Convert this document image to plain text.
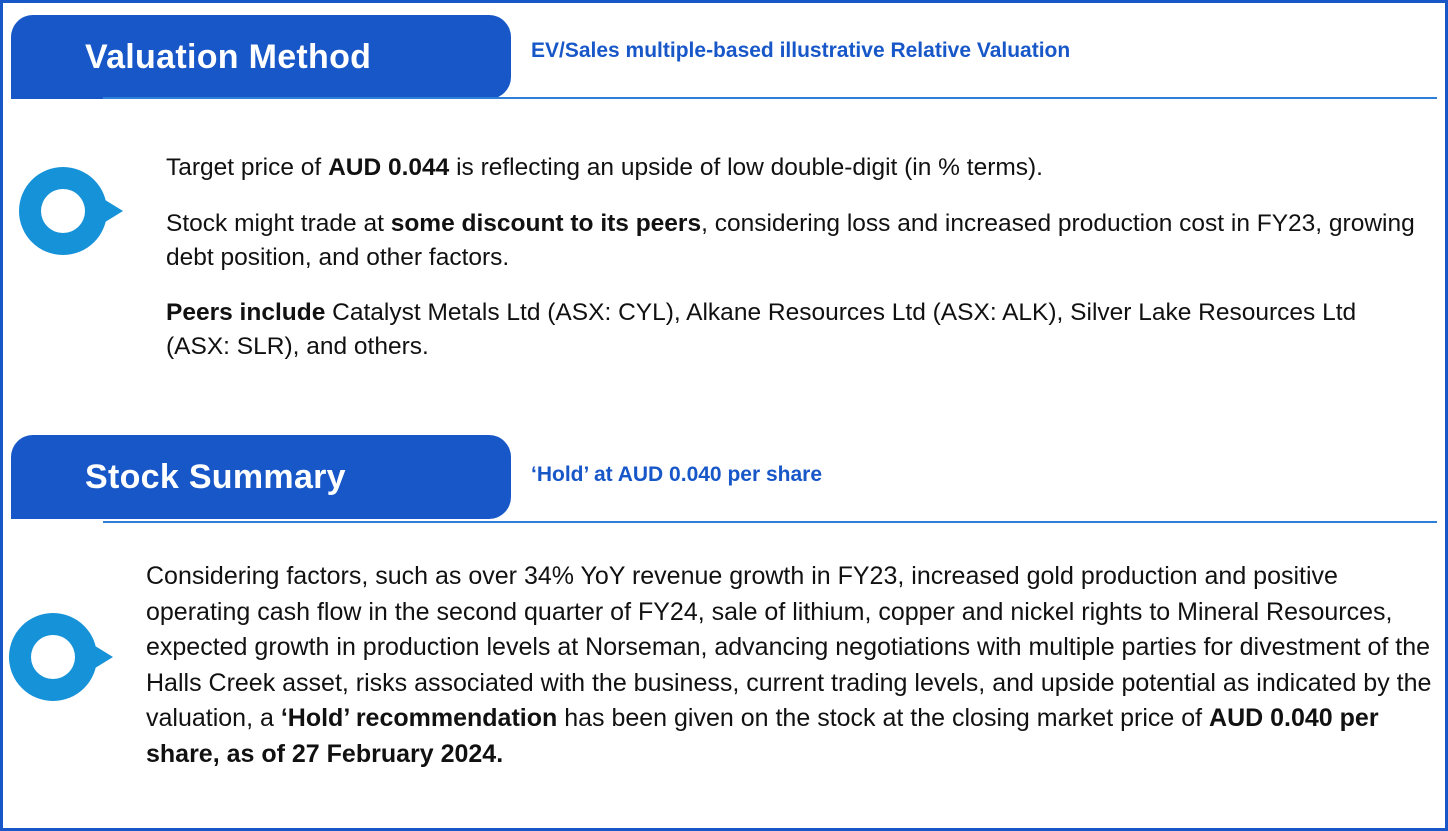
Valuation Method	EV/Sales multiple-based illustrative Relative Valuation

Target price of AUD 0.044 is reflecting an upside of low double-digit (in % terms).

Stock might trade at some discount to its peers, considering loss and increased production cost in FY23, growing debt position, and other factors.

Peers include Catalyst Metals Ltd (ASX: CYL), Alkane Resources Ltd (ASX: ALK), Silver Lake Resources Ltd (ASX: SLR), and others.

Stock Summary	‘Hold’ at AUD 0.040 per share

Considering factors, such as over 34% YoY revenue growth in FY23, increased gold production and positive operating cash flow in the second quarter of FY24, sale of lithium, copper and nickel rights to Mineral Resources, expected growth in production levels at Norseman, advancing negotiations with multiple parties for divestment of the Halls Creek asset, risks associated with the business, current trading levels, and upside potential as indicated by the valuation, a ‘Hold’ recommendation has been given on the stock at the closing market price of AUD 0.040 per share, as of 27 February 2024.
